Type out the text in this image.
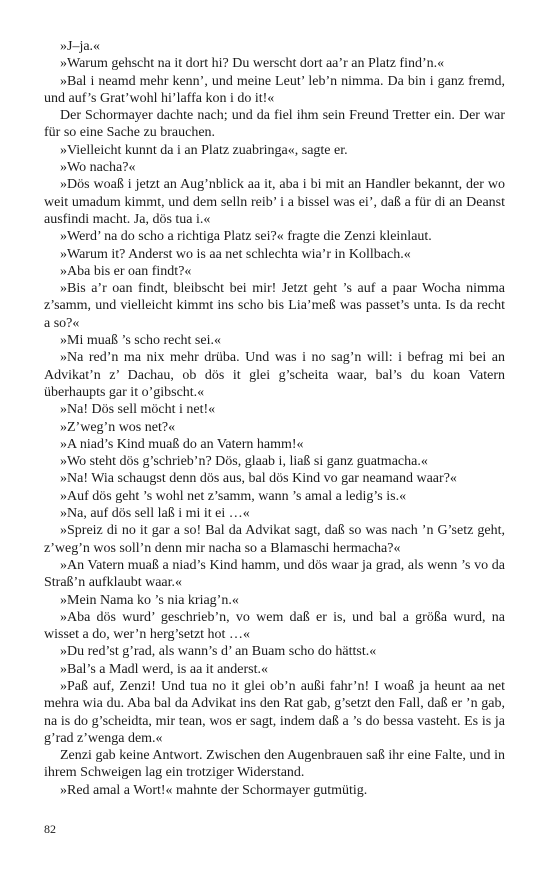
»J–ja.«

»Warum gehscht na it dort hi? Du werscht dort aa’r an Platz find’n.«

»Bal i neamd mehr kenn’, und meine Leut’ leb’n nimma. Da bin i ganz fremd, und auf’s Grat’wohl hi’laffa kon i do it!«

Der Schormayer dachte nach; und da fiel ihm sein Freund Tretter ein. Der war für so eine Sache zu brauchen.

»Vielleicht kunnt da i an Platz zuabringa«, sagte er.

»Wo nacha?«

»Dös woaß i jetzt an Aug’nblick aa it, aba i bi mit an Handler bekannt, der wo weit umadum kimmt, und dem selln reib’ i a bissel was ei’, daß a für di an Deanst ausfindi macht. Ja, dös tua i.«

»Werd’ na do scho a richtiga Platz sei?« fragte die Zenzi kleinlaut.

»Warum it? Anderst wo is aa net schlechta wia’r in Kollbach.«

»Aba bis er oan findt?«

»Bis a’r oan findt, bleibscht bei mir! Jetzt geht ’s auf a paar Wocha nimma z’samm, und vielleicht kimmt ins scho bis Lia’meß was passet’s unta. Is da recht a so?«

»Mi muaß ’s scho recht sei.«

»Na red’n ma nix mehr drüba. Und was i no sag’n will: i befrag mi bei an Advikat’n z’ Dachau, ob dös it glei g’scheita waar, bal’s du koan Vatern überhaupts gar it o’gibscht.«

»Na! Dös sell möcht i net!«

»Z’weg’n wos net?«

»A niad’s Kind muaß do an Vatern hamm!«

»Wo steht dös g’schrieb’n? Dös, glaab i, liaß si ganz guatmacha.«

»Na! Wia schaugst denn dös aus, bal dös Kind vo gar neamand waar?«

»Auf dös geht ’s wohl net z’samm, wann ’s amal a ledig’s is.«

»Na, auf dös sell laß i mi it ei …«

»Spreiz di no it gar a so! Bal da Advikat sagt, daß so was nach ’n G’setz geht, z’weg’n wos soll’n denn mir nacha so a Blamaschi hermacha?«

»An Vatern muaß a niad’s Kind hamm, und dös waar ja grad, als wenn ’s vo da Straß’n aufklaubt waar.«

»Mein Nama ko ’s nia kriag’n.«

»Aba dös wurd’ geschrieb’n, vo wem daß er is, und bal a größa wurd, na wisset a do, wer’n herg’setzt hot …«

»Du red’st g’rad, als wann’s d’ an Buam scho do hättst.«

»Bal’s a Madl werd, is aa it anderst.«

»Paß auf, Zenzi! Und tua no it glei ob’n außi fahr’n! I woaß ja heunt aa net mehra wia du. Aba bal da Advikat ins den Rat gab, g’setzt den Fall, daß er ’n gab, na is do g’scheidta, mir tean, wos er sagt, indem daß a ’s do bessa vasteht. Es is ja g’rad z’wenga dem.«

Zenzi gab keine Antwort. Zwischen den Augenbrauen saß ihr eine Falte, und in ihrem Schweigen lag ein trotziger Widerstand.

»Red amal a Wort!« mahnte der Schormayer gutmütig.

82
